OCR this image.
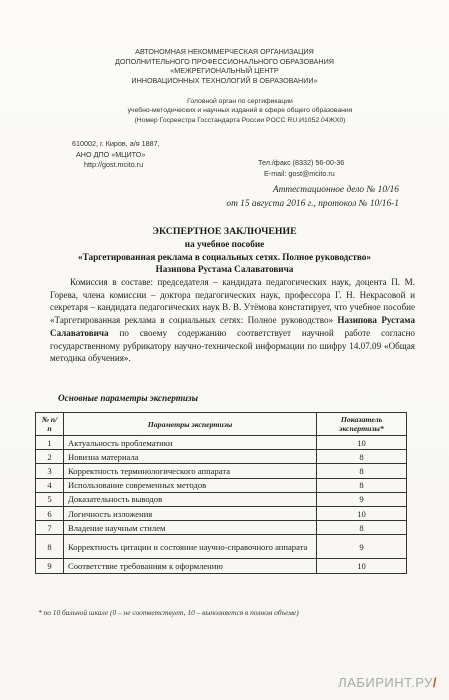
АВТОНОМНАЯ НЕКОММЕРЧЕСКАЯ ОРГАНИЗАЦИЯ
ДОПОЛНИТЕЛЬНОГО ПРОФЕССИОНАЛЬНОГО ОБРАЗОВАНИЯ
«МЕЖРЕГИОНАЛЬНЫЙ ЦЕНТР
ИННОВАЦИОННЫХ ТЕХНОЛОГИЙ В ОБРАЗОВАНИИ»
Головной орган по сертификации
учебно-методических и научных изданий в сфере общего образования
(Номер Госреестра Госстандарта России РОСС RU.И1052.04ЖХ0)
610002, г. Киров, а/я 1887,
АНО ДПО «МЦИТО»
http://gost.mcito.ru	Тел./факс (8332) 56-00-36
E-mail: gost@mcito.ru
Аттестационное дело № 10/16
от 15 августа 2016 г., протокол № 10/16-1
ЭКСПЕРТНОЕ ЗАКЛЮЧЕНИЕ
на учебное пособие
«Таргетированная реклама в социальных сетях. Полное руководство»
Назипова Рустама Салаватовича
Комиссия в составе: председателя – кандидата педагогических наук, доцента П. М. Горева, члена комиссии – доктора педагогических наук, профессора Г. Н. Некрасовой и секретаря – кандидата педагогических наук В. В. Утёмова констатирует, что учебное пособие «Таргетированная реклама в социальных сетях: Полное руководство» Назипова Рустама Салаватовича по своему содержанию соответствует научной работе согласно государственному рубрикатору научно-технической информации по шифру 14.07.09 «Общая методика обучения».
Основные параметры экспертизы
№ п/п	Параметры экспертизы	Показатель экспертизы*
1	Актуальность проблематики	10
2	Новизна материала	8
3	Корректность терминологического аппарата	8
4	Использование современных методов	8
5	Доказательность выводов	9
6	Логичность изложения	10
7	Владение научным стилем	8
8	Корректность цитации и состояние научно-справочного аппарата	9
9	Соответствие требованиям к оформлению	10
* по 10 бальной шкале (0 – не соответствует, 10 – выполняется в полном объеме)
ЛАБИРИНТ.РУ/
